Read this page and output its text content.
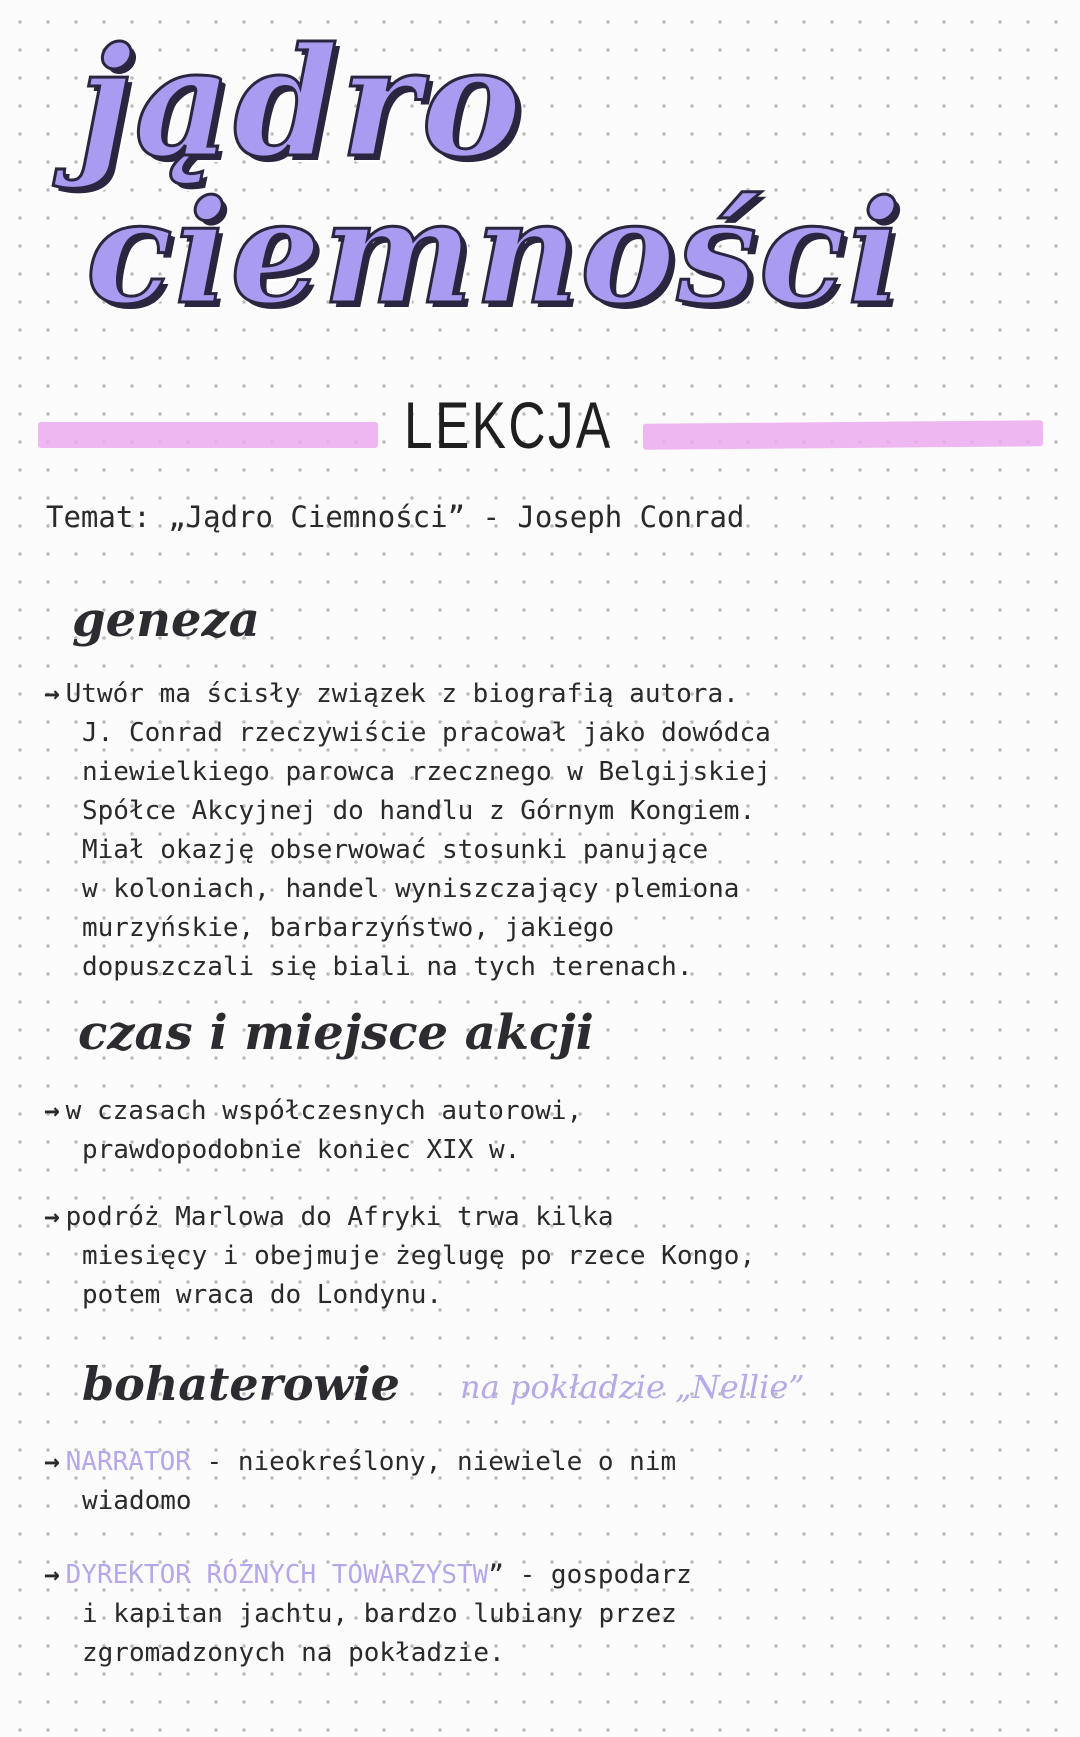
jądro
ciemności
LEKCJA
Temat: „Jądro Ciemności” - Joseph Conrad
geneza
→ Utwór ma ścisły związek z biografią autora.
J. Conrad rzeczywiście pracował jako dowódca
niewielkiego parowca rzecznego w Belgijskiej
Spółce Akcyjnej do handlu z Górnym Kongiem.
Miał okazję obserwować stosunki panujące
w koloniach, handel wyniszczający plemiona
murzyńskie, barbarzyństwo, jakiego
dopuszczali się biali na tych terenach.
czas i miejsce akcji
→ w czasach współczesnych autorowi,
prawdopodobnie koniec XIX w.
→ podróż Marlowa do Afryki trwa kilka
miesięcy i obejmuje żeglugę po rzece Kongo,
potem wraca do Londynu.
bohaterowie na pokładzie „Nellie”
→ NARRATOR - nieokreślony, niewiele o nim
wiadomo
→ DYREKTOR RÓŻNYCH TOWARZYSTW” - gospodarz
i kapitan jachtu, bardzo lubiany przez
zgromadzonych na pokładzie.
